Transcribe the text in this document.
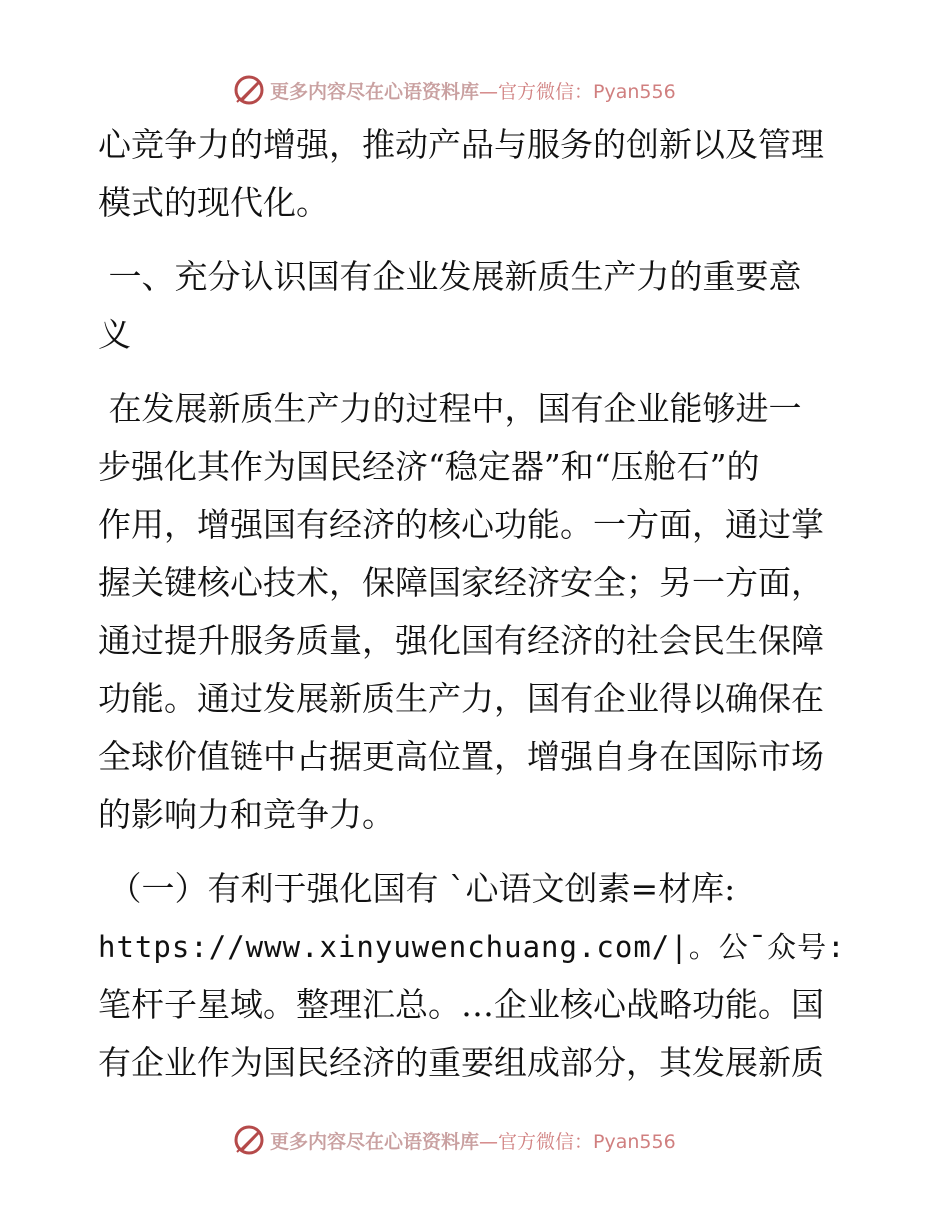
更多内容尽在心语资料库 —官方微信：Pyan556
心竞争力的增强，推动产品与服务的创新以及管理
模式的现代化。
一、充分认识国有企业发展新质生产力的重要意
义
在发展新质生产力的过程中，国有企业能够进一
步强化其作为国民经济“稳定器”和“压舱石”的
作用，增强国有经济的核心功能。一方面，通过掌
握关键核心技术，保障国家经济安全；另一方面，
通过提升服务质量，强化国有经济的社会民生保障
功能。通过发展新质生产力，国有企业得以确保在
全球价值链中占据更高位置，增强自身在国际市场
的影响力和竞争力。
（一）有利于强化国有 `心语文创素=材库:
https://www.xinyuwenchuang.com/|。公¯众号:
笔杆子星域。整理汇总。…企业核心战略功能。国
有企业作为国民经济的重要组成部分，其发展新质
更多内容尽在心语资料库 —官方微信：Pyan556
